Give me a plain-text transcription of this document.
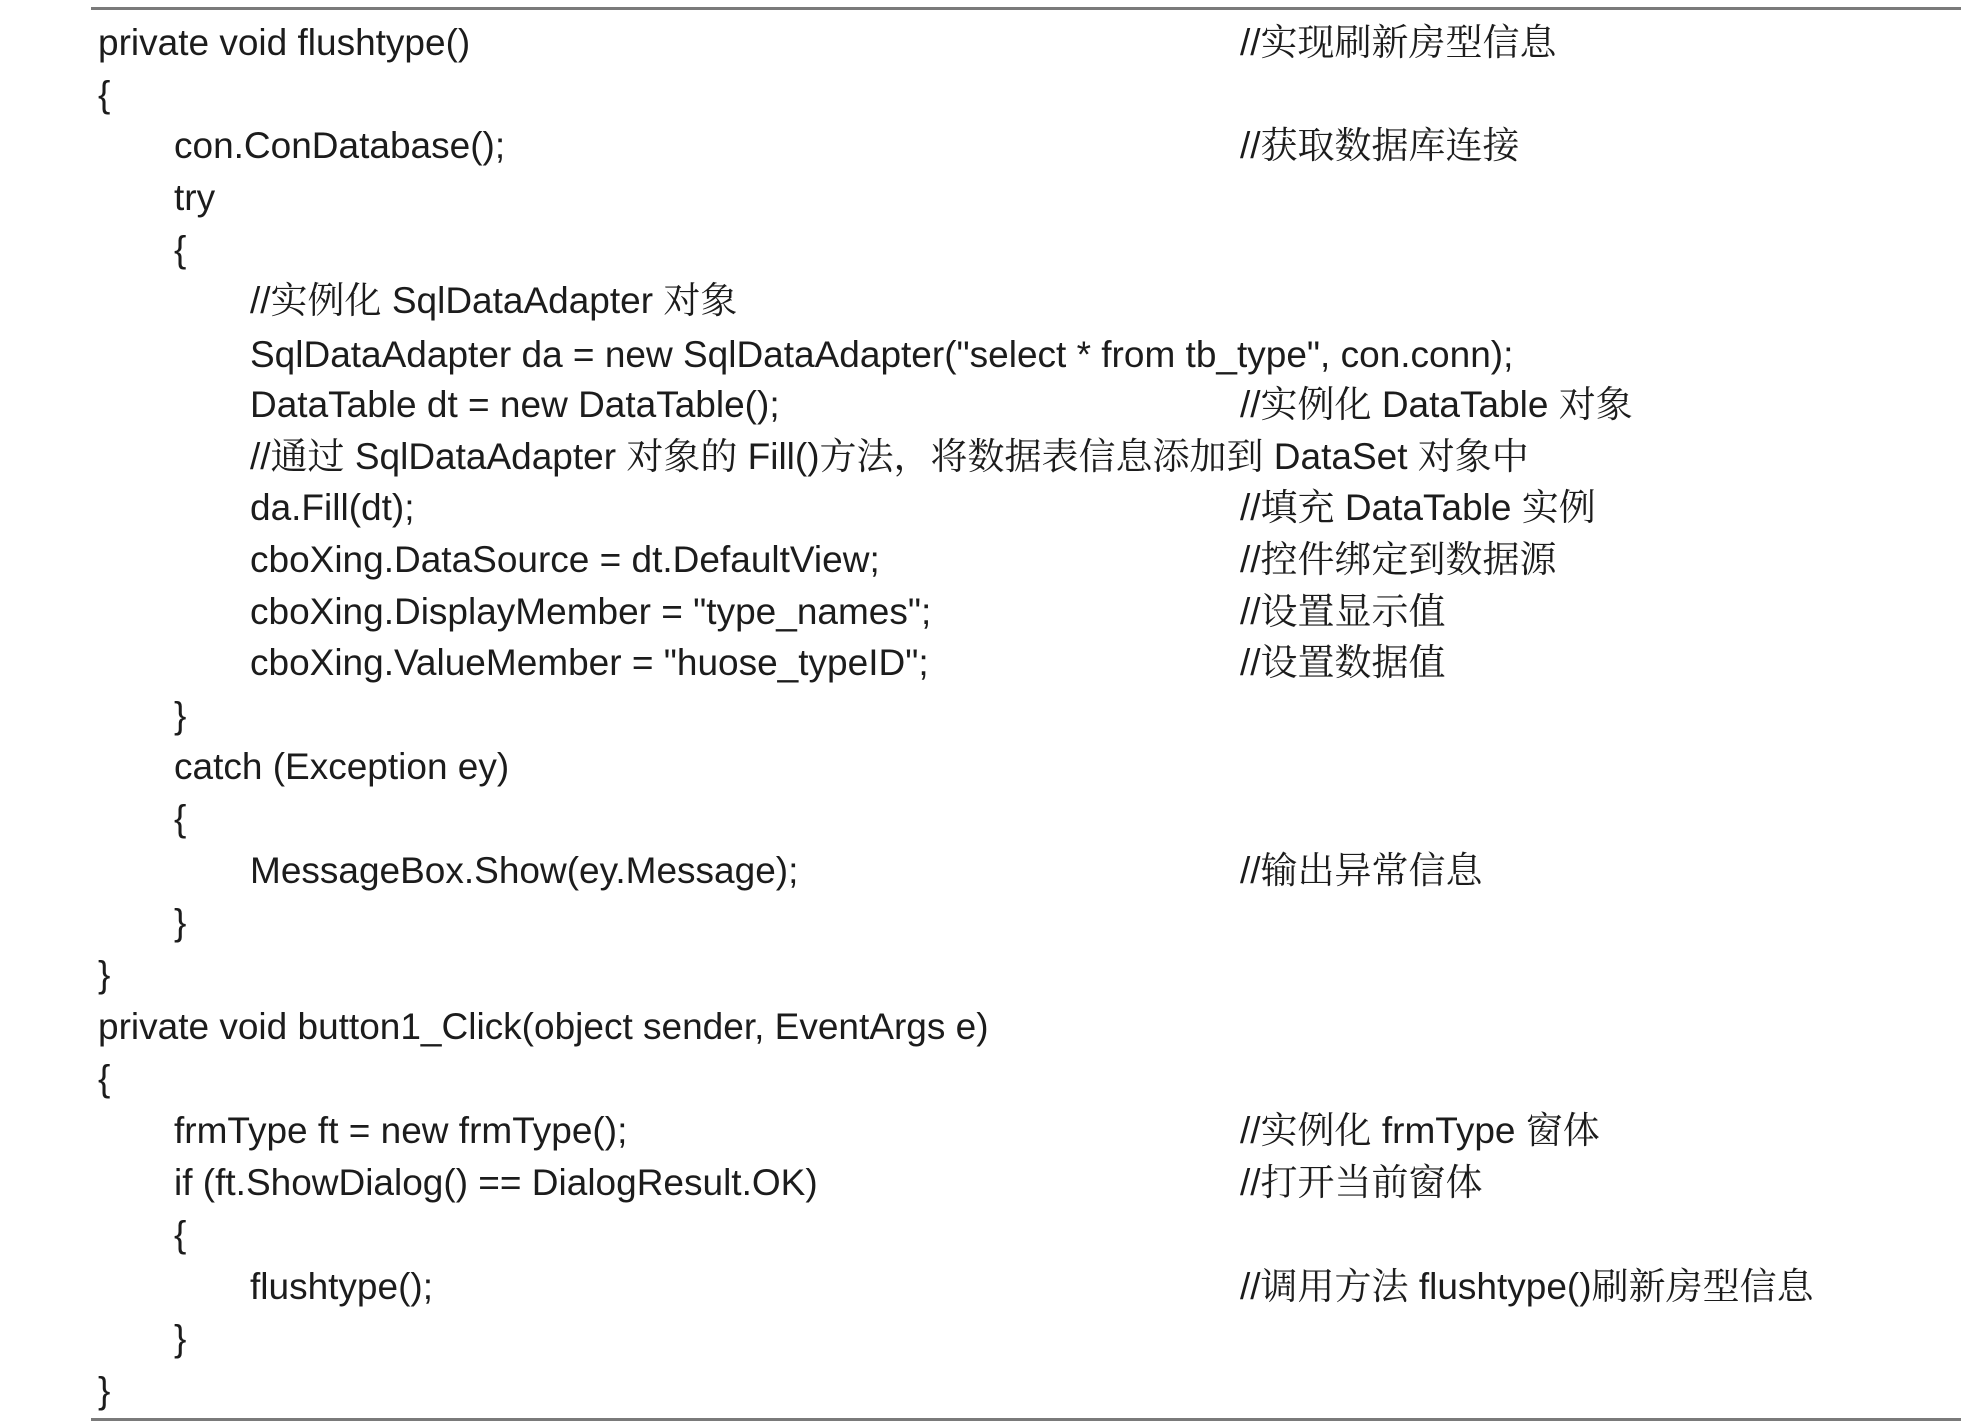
private void flushtype()	//实现刷新房型信息
{
con.ConDatabase();	//获取数据库连接
try
{
//实例化 SqlDataAdapter 对象
SqlDataAdapter da = new SqlDataAdapter("select * from tb_type", con.conn);
DataTable dt = new DataTable();	//实例化 DataTable 对象
//通过 SqlDataAdapter 对象的 Fill()方法，将数据表信息添加到 DataSet 对象中
da.Fill(dt);	//填充 DataTable 实例
cboXing.DataSource = dt.DefaultView;	//控件绑定到数据源
cboXing.DisplayMember = "type_names";	//设置显示值
cboXing.ValueMember = "huose_typeID";	//设置数据值
}
catch (Exception ey)
{
MessageBox.Show(ey.Message);	//输出异常信息
}
}
private void button1_Click(object sender, EventArgs e)
{
frmType ft = new frmType();	//实例化 frmType 窗体
if (ft.ShowDialog() == DialogResult.OK)	//打开当前窗体
{
flushtype();	//调用方法 flushtype()刷新房型信息
}
}
